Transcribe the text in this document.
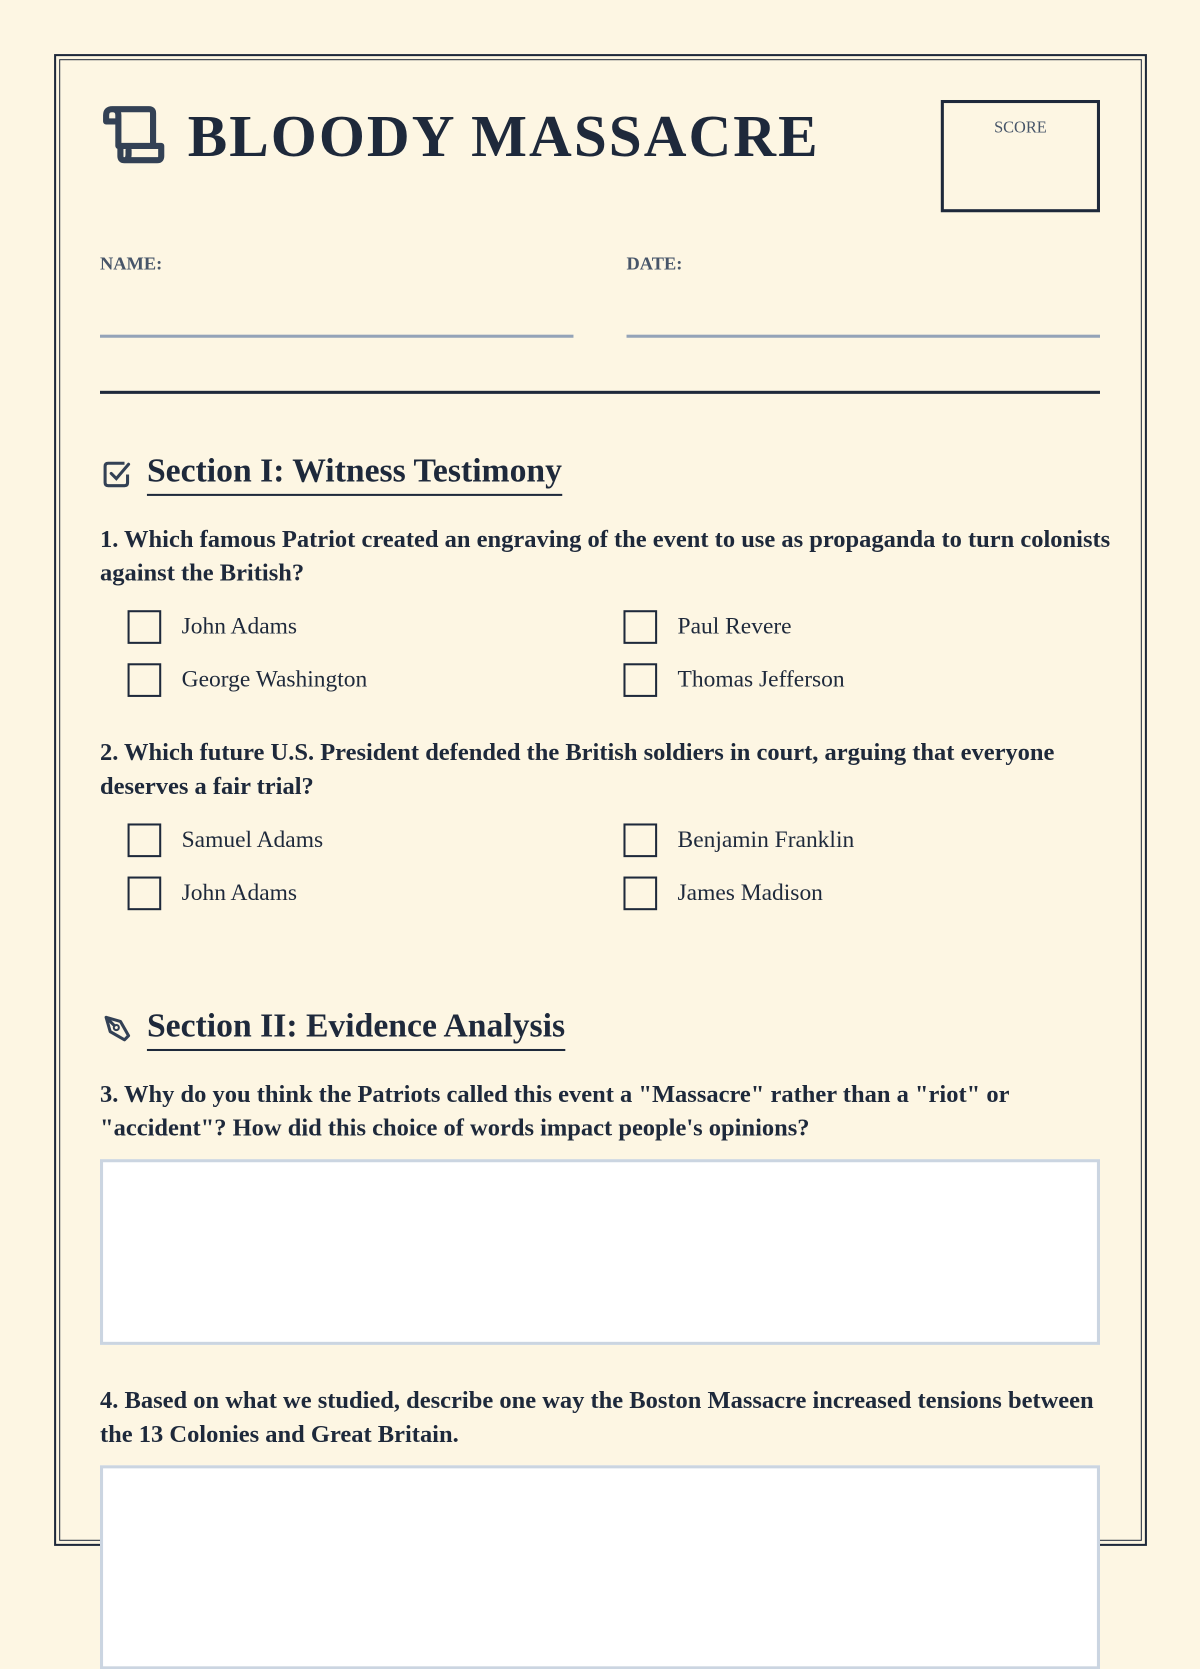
BLOODY MASSACRE	SCORE
NAME:	DATE:
Section I: Witness Testimony
1. Which famous Patriot created an engraving of the event to use as propaganda to turn colonists against the British?
John Adams	Paul Revere
George Washington	Thomas Jefferson
2. Which future U.S. President defended the British soldiers in court, arguing that everyone deserves a fair trial?
Samuel Adams	Benjamin Franklin
John Adams	James Madison
Section II: Evidence Analysis
3. Why do you think the Patriots called this event a "Massacre" rather than a "riot" or "accident"? How did this choice of words impact people's opinions?
4. Based on what we studied, describe one way the Boston Massacre increased tensions between the 13 Colonies and Great Britain.
